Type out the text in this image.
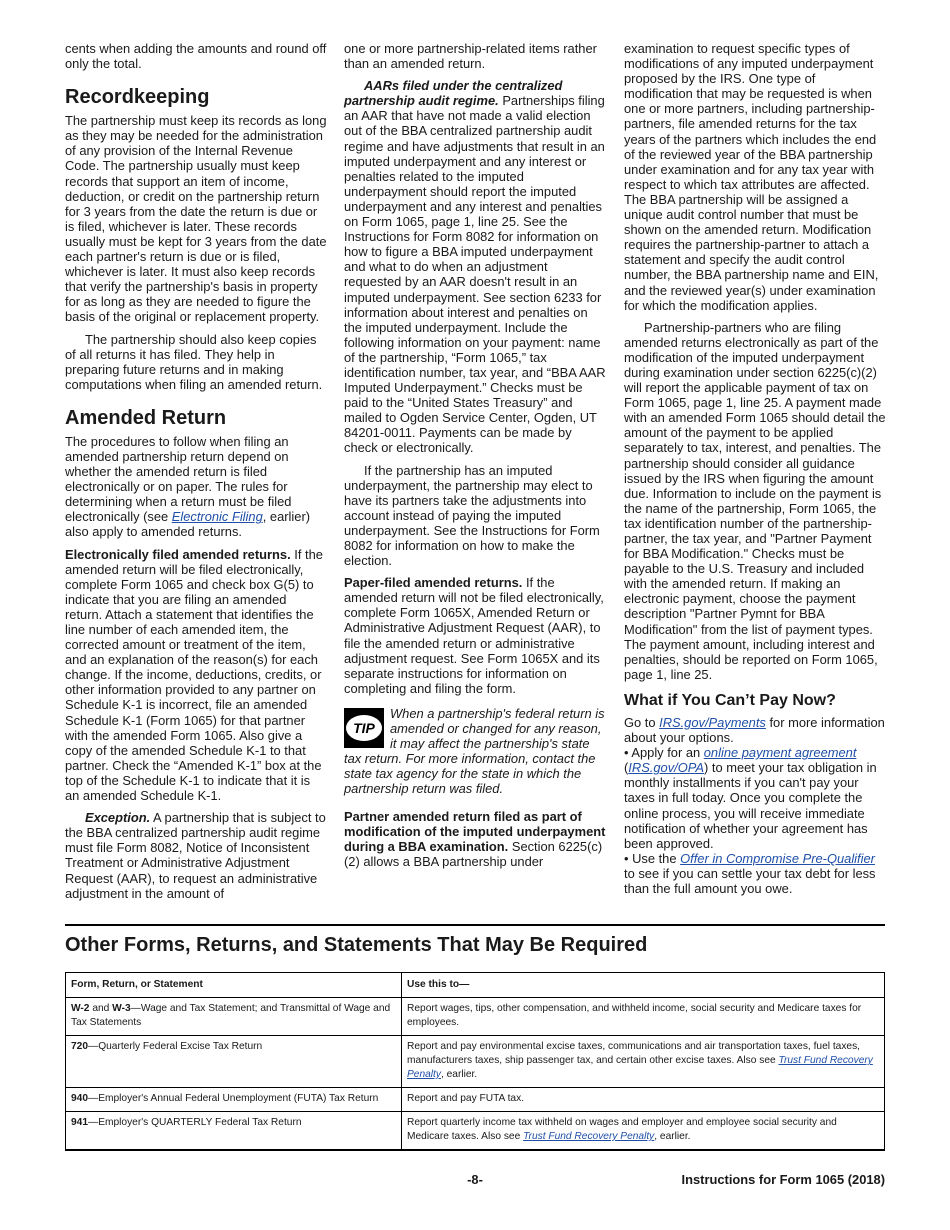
cents when adding the amounts and round off only the total.

Recordkeeping

The partnership must keep its records as long as they may be needed for the administration of any provision of the Internal Revenue Code. The partnership usually must keep records that support an item of income, deduction, or credit on the partnership return for 3 years from the date the return is due or is filed, whichever is later. These records usually must be kept for 3 years from the date each partner's return is due or is filed, whichever is later. It must also keep records that verify the partnership's basis in property for as long as they are needed to figure the basis of the original or replacement property.

The partnership should also keep copies of all returns it has filed. They help in preparing future returns and in making computations when filing an amended return.

Amended Return

The procedures to follow when filing an amended partnership return depend on whether the amended return is filed electronically or on paper. The rules for determining when a return must be filed electronically (see Electronic Filing, earlier) also apply to amended returns.

Electronically filed amended returns. If the amended return will be filed electronically, complete Form 1065 and check box G(5) to indicate that you are filing an amended return. Attach a statement that identifies the line number of each amended item, the corrected amount or treatment of the item, and an explanation of the reason(s) for each change. If the income, deductions, credits, or other information provided to any partner on Schedule K-1 is incorrect, file an amended Schedule K-1 (Form 1065) for that partner with the amended Form 1065. Also give a copy of the amended Schedule K-1 to that partner. Check the “Amended K-1” box at the top of the Schedule K-1 to indicate that it is an amended Schedule K-1.

Exception. A partnership that is subject to the BBA centralized partnership audit regime must file Form 8082, Notice of Inconsistent Treatment or Administrative Adjustment Request (AAR), to request an administrative adjustment in the amount of

one or more partnership-related items rather than an amended return.

AARs filed under the centralized partnership audit regime. Partnerships filing an AAR that have not made a valid election out of the BBA centralized partnership audit regime and have adjustments that result in an imputed underpayment and any interest or penalties related to the imputed underpayment should report the imputed underpayment and any interest and penalties on Form 1065, page 1, line 25. See the Instructions for Form 8082 for information on how to figure a BBA imputed underpayment and what to do when an adjustment requested by an AAR doesn't result in an imputed underpayment. See section 6233 for information about interest and penalties on the imputed underpayment. Include the following information on your payment: name of the partnership, “Form 1065,” tax identification number, tax year, and “BBA AAR Imputed Underpayment.” Checks must be paid to the “United States Treasury” and mailed to Ogden Service Center, Ogden, UT 84201-0011. Payments can be made by check or electronically.

If the partnership has an imputed underpayment, the partnership may elect to have its partners take the adjustments into account instead of paying the imputed underpayment. See the Instructions for Form 8082 for information on how to make the election.

Paper-filed amended returns. If the amended return will not be filed electronically, complete Form 1065X, Amended Return or Administrative Adjustment Request (AAR), to file the amended return or administrative adjustment request. See Form 1065X and its separate instructions for information on completing and filing the form.

TIP
When a partnership's federal return is amended or changed for any reason, it may affect the partnership's state tax return. For more information, contact the state tax agency for the state in which the partnership return was filed.

Partner amended return filed as part of modification of the imputed underpayment during a BBA examination. Section 6225(c)(2) allows a BBA partnership under

examination to request specific types of modifications of any imputed underpayment proposed by the IRS. One type of modification that may be requested is when one or more partners, including partnership-partners, file amended returns for the tax years of the partners which includes the end of the reviewed year of the BBA partnership under examination and for any tax year with respect to which tax attributes are affected. The BBA partnership will be assigned a unique audit control number that must be shown on the amended return. Modification requires the partnership-partner to attach a statement and specify the audit control number, the BBA partnership name and EIN, and the reviewed year(s) under examination for which the modification applies.

Partnership-partners who are filing amended returns electronically as part of the modification of the imputed underpayment during examination under section 6225(c)(2) will report the applicable payment of tax on Form 1065, page 1, line 25. A payment made with an amended Form 1065 should detail the amount of the payment to be applied separately to tax, interest, and penalties. The partnership should consider all guidance issued by the IRS when figuring the amount due. Information to include on the payment is the name of the partnership, Form 1065, the tax identification number of the partnership-partner, the tax year, and "Partner Payment for BBA Modification." Checks must be payable to the U.S. Treasury and included with the amended return. If making an electronic payment, choose the payment description "Partner Pymnt for BBA Modification" from the list of payment types. The payment amount, including interest and penalties, should be reported on Form 1065, page 1, line 25.

What if You Can’t Pay Now?

Go to IRS.gov/Payments for more information about your options.

• Apply for an online payment agreement
(IRS.gov/OPA) to meet your tax obligation in monthly installments if you can't pay your taxes in full today. Once you complete the online process, you will receive immediate notification of whether your agreement has been approved.

• Use the Offer in Compromise Pre-Qualifier to see if you can settle your tax debt for less than the full amount you owe.

Other Forms, Returns, and Statements That May Be Required
Form, Return, or Statement	Use this to—
W-2 and W-3—Wage and Tax Statement; and Transmittal of Wage and Tax Statements	Report wages, tips, other compensation, and withheld income, social security and Medicare taxes for employees.
720—Quarterly Federal Excise Tax Return	Report and pay environmental excise taxes, communications and air transportation taxes, fuel taxes, manufacturers taxes, ship passenger tax, and certain other excise taxes. Also see Trust Fund Recovery Penalty, earlier.
940—Employer's Annual Federal Unemployment (FUTA) Tax Return	Report and pay FUTA tax.
941—Employer's QUARTERLY Federal Tax Return	Report quarterly income tax withheld on wages and employer and employee social security and Medicare taxes. Also see Trust Fund Recovery Penalty, earlier.
-8-	Instructions for Form 1065 (2018)
